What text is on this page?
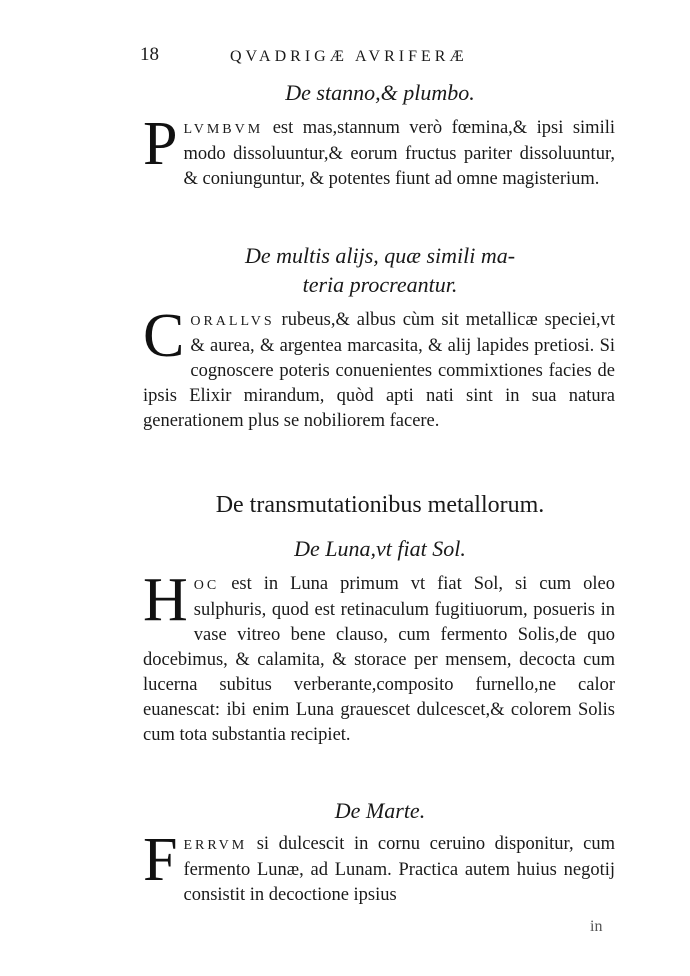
18	QVADRIGÆ AVRIFERÆ
De stanno,& plumbo.
P LVMBVM est mas,stannum verò fœmina,& ipsi simili modo dissoluuntur,& eorum fructus pariter dissoluuntur, & coniunguntur, & potentes fiunt ad omne magisterium.
De multis alijs, quæ simili ma-
teria procreantur.
C ORALLVS rubeus,& albus cùm sit metallicæ speciei,vt & aurea, & argentea marcasita, & alij lapides pretiosi. Si cognoscere poteris conuenientes commixtiones facies de ipsis Elixir mirandum, quòd apti nati sint in sua natura generationem plus se nobiliorem facere.
De transmutationibus metallorum.
De Luna,vt fiat Sol.
H OC est in Luna primum vt fiat Sol, si cum oleo sulphuris, quod est retinaculum fugitiuorum, posueris in vase vitreo bene clauso, cum fermento Solis,de quo docebimus, & calamita, & storace per mensem, decocta cum lucerna subitus verberante,composito furnello,ne calor euanescat: ibi enim Luna grauescet dulcescet,& colorem Solis cum tota substantia recipiet.
De Marte.
F ERRVM si dulcescit in cornu ceruino disponitur, cum fermento Lunæ, ad Lunam. Practica autem huius negotij consistit in decoctione ipsius
in
